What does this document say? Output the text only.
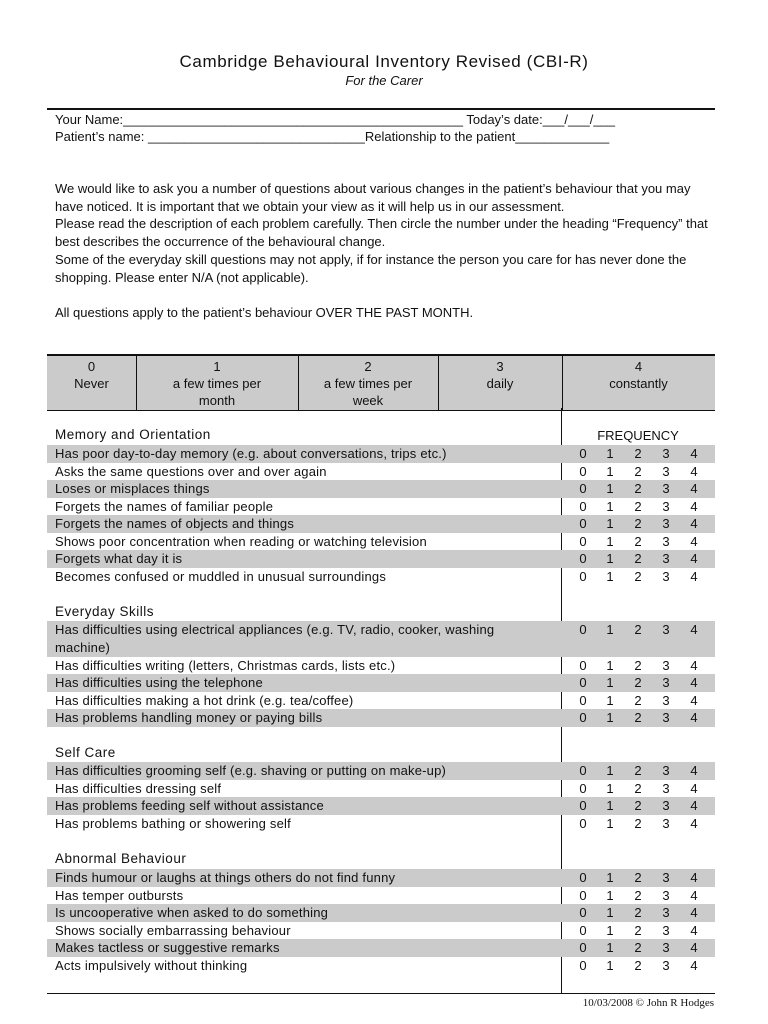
Cambridge Behavioural Inventory Revised (CBI-R)
For the Carer
Your Name:_______________________________________________ Today’s date:___/___/___
Patient’s name: ______________________________Relationship to the patient_____________

We would like to ask you a number of questions about various changes in the patient’s behaviour that you may have noticed. It is important that we obtain your view as it will help us in our assessment.

Please read the description of each problem carefully. Then circle the number under the heading “Frequency” that best describes the occurrence of the behavioural change.

Some of the everyday skill questions may not apply, if for instance the person you care for has never done the shopping. Please enter N/A (not applicable).

All questions apply to the patient’s behaviour OVER THE PAST MONTH.

0
Never
1
a few times per month
2
a few times per week
3
daily
4
constantly
FREQUENCY
Memory and Orientation
Has poor day-to-day memory (e.g. about conversations, trips etc.)	0 1 2 3 4
Asks the same questions over and over again	0 1 2 3 4
Loses or misplaces things	0 1 2 3 4
Forgets the names of familiar people	0 1 2 3 4
Forgets the names of objects and things	0 1 2 3 4
Shows poor concentration when reading or watching television	0 1 2 3 4
Forgets what day it is	0 1 2 3 4
Becomes confused or muddled in unusual surroundings	0 1 2 3 4
Everyday Skills
Has difficulties using electrical appliances (e.g. TV, radio, cooker, washing machine)
0 1 2 3 4
Has difficulties writing (letters, Christmas cards, lists etc.)	0 1 2 3 4
Has difficulties using the telephone	0 1 2 3 4
Has difficulties making a hot drink (e.g. tea/coffee)	0 1 2 3 4
Has problems handling money or paying bills	0 1 2 3 4
Self Care
Has difficulties grooming self (e.g. shaving or putting on make-up)	0 1 2 3 4
Has difficulties dressing self	0 1 2 3 4
Has problems feeding self without assistance	0 1 2 3 4
Has problems bathing or showering self	0 1 2 3 4
Abnormal Behaviour
Finds humour or laughs at things others do not find funny	0 1 2 3 4
Has temper outbursts	0 1 2 3 4
Is uncooperative when asked to do something	0 1 2 3 4
Shows socially embarrassing behaviour	0 1 2 3 4
Makes tactless or suggestive remarks	0 1 2 3 4
Acts impulsively without thinking	0 1 2 3 4
10/03/2008 © John R Hodges
